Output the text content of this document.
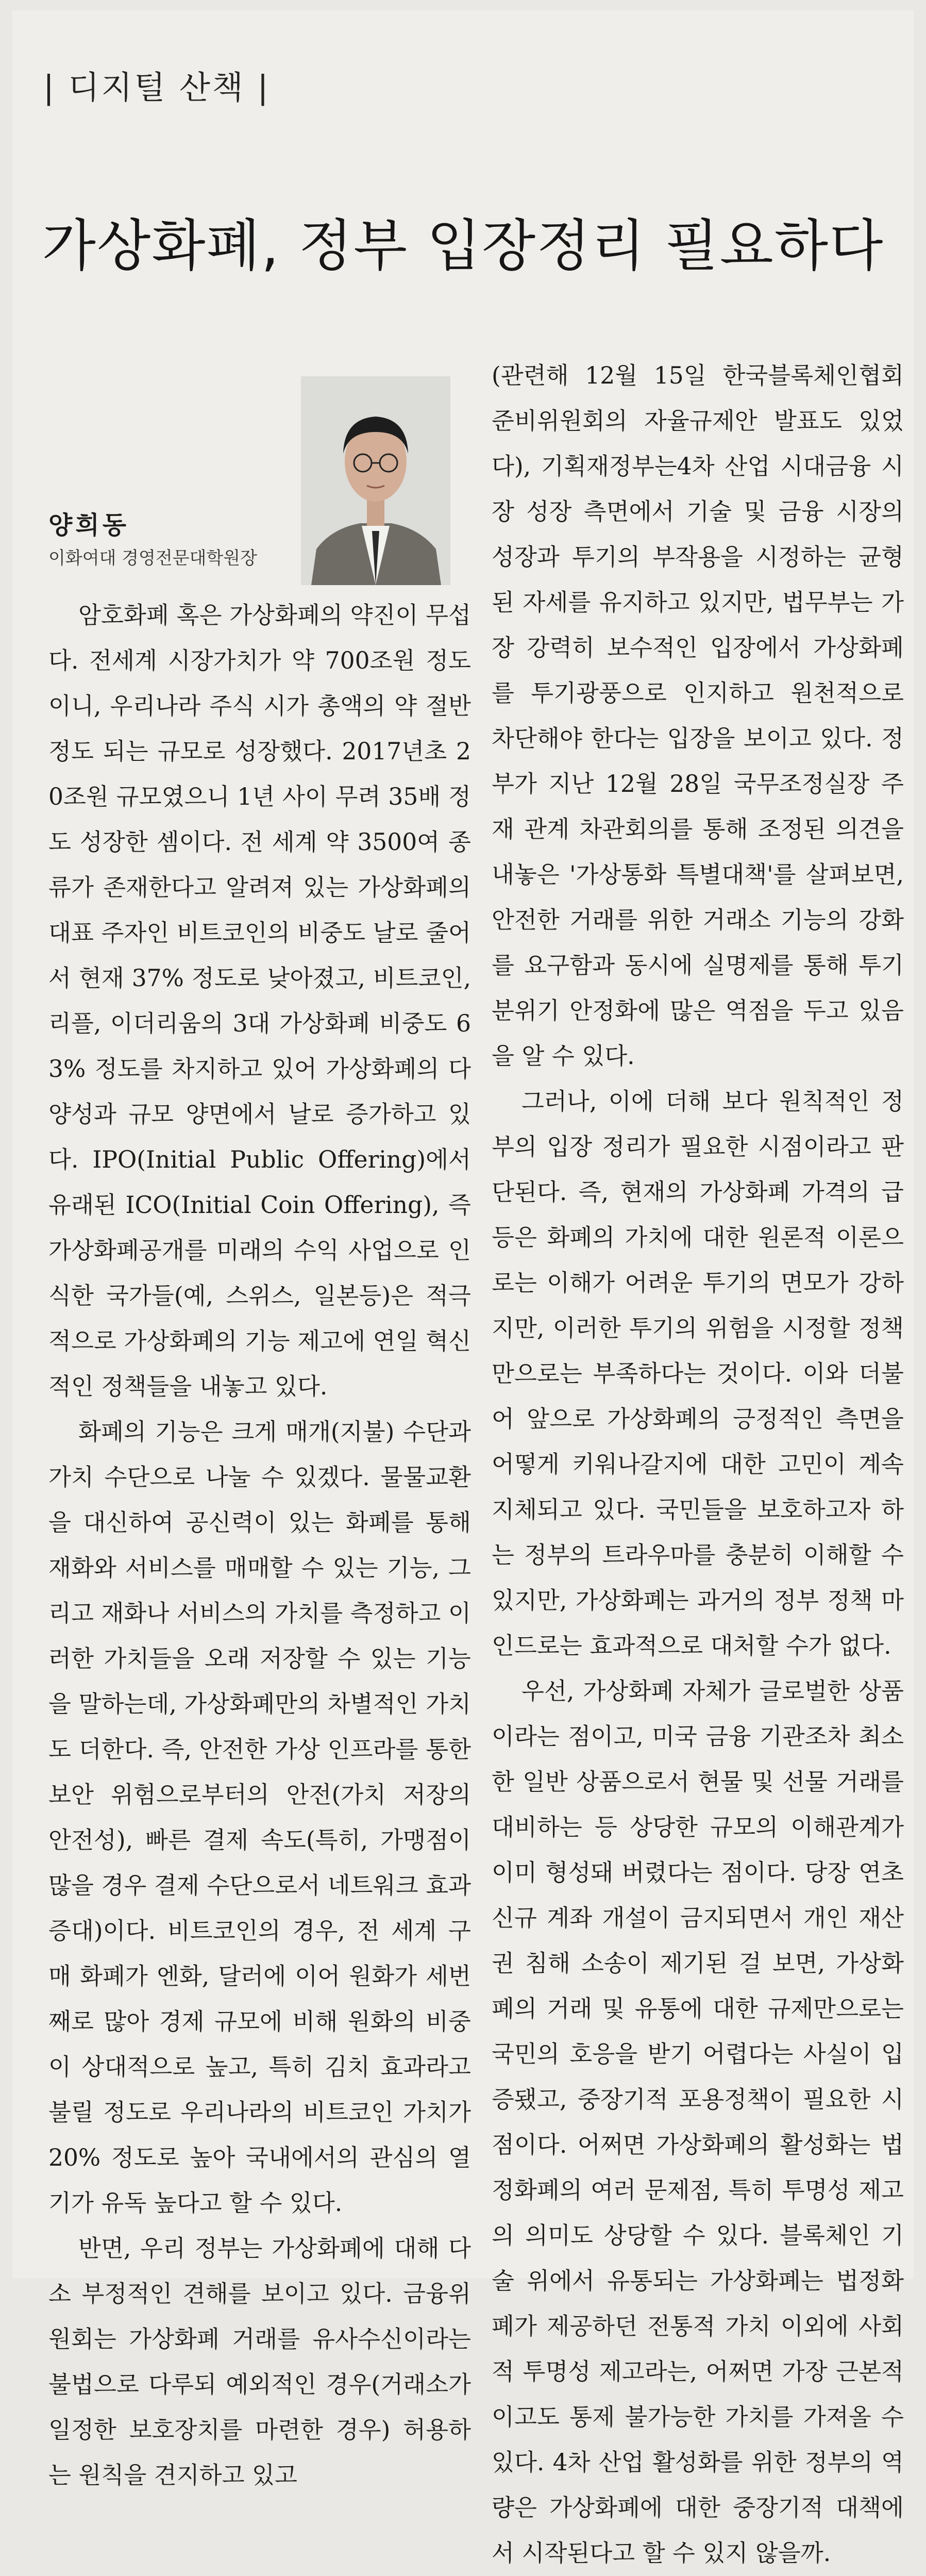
| 디지털 산책 |
가상화폐, 정부 입장정리 필요하다
양희동
이화여대 경영전문대학원장

암호화폐 혹은 가상화폐의 약진이 무섭다. 전세계 시장가치가 약 700조원 정도이니, 우리나라 주식 시가 총액의 약 절반정도 되는 규모로 성장했다. 2017년초 20조원 규모였으니 1년 사이 무려 35배 정도 성장한 셈이다. 전 세계 약 3500여 종류가 존재한다고 알려져 있는 가상화폐의 대표 주자인 비트코인의 비중도 날로 줄어서 현재 37% 정도로 낮아졌고, 비트코인, 리플, 이더리움의 3대 가상화폐 비중도 63% 정도를 차지하고 있어 가상화폐의 다양성과 규모 양면에서 날로 증가하고 있다. IPO(Initial Public Offering)에서 유래된 ICO(Initial Coin Offering), 즉 가상화폐공개를 미래의 수익 사업으로 인식한 국가들(예, 스위스, 일본등)은 적극적으로 가상화폐의 기능 제고에 연일 혁신적인 정책들을 내놓고 있다.

화폐의 기능은 크게 매개(지불) 수단과 가치 수단으로 나눌 수 있겠다. 물물교환을 대신하여 공신력이 있는 화폐를 통해 재화와 서비스를 매매할 수 있는 기능, 그리고 재화나 서비스의 가치를 측정하고 이러한 가치들을 오래 저장할 수 있는 기능을 말하는데, 가상화폐만의 차별적인 가치도 더한다. 즉, 안전한 가상 인프라를 통한 보안 위험으로부터의 안전(가치 저장의 안전성), 빠른 결제 속도(특히, 가맹점이 많을 경우 결제 수단으로서 네트워크 효과 증대)이다. 비트코인의 경우, 전 세계 구매 화폐가 엔화, 달러에 이어 원화가 세번째로 많아 경제 규모에 비해 원화의 비중이 상대적으로 높고, 특히 김치 효과라고 불릴 정도로 우리나라의 비트코인 가치가 20% 정도로 높아 국내에서의 관심의 열기가 유독 높다고 할 수 있다.

반면, 우리 정부는 가상화폐에 대해 다소 부정적인 견해를 보이고 있다. 금융위원회는 가상화폐 거래를 유사수신이라는 불법으로 다루되 예외적인 경우(거래소가 일정한 보호장치를 마련한 경우) 허용하는 원칙을 견지하고 있고

(관련해 12월 15일 한국블록체인협회 준비위원회의 자율규제안 발표도 있었다), 기획재정부는4차 산업 시대금융 시장 성장 측면에서 기술 및 금융 시장의 성장과 투기의 부작용을 시정하는 균형된 자세를 유지하고 있지만, 법무부는 가장 강력히 보수적인 입장에서 가상화폐를 투기광풍으로 인지하고 원천적으로 차단해야 한다는 입장을 보이고 있다. 정부가 지난 12월 28일 국무조정실장 주재 관계 차관회의를 통해 조정된 의견을 내놓은 '가상통화 특별대책'를 살펴보면, 안전한 거래를 위한 거래소 기능의 강화를 요구함과 동시에 실명제를 통해 투기 분위기 안정화에 많은 역점을 두고 있음을 알 수 있다.

그러나, 이에 더해 보다 원칙적인 정부의 입장 정리가 필요한 시점이라고 판단된다. 즉, 현재의 가상화폐 가격의 급등은 화폐의 가치에 대한 원론적 이론으로는 이해가 어려운 투기의 면모가 강하지만, 이러한 투기의 위험을 시정할 정책만으로는 부족하다는 것이다. 이와 더불어 앞으로 가상화폐의 긍정적인 측면을 어떻게 키워나갈지에 대한 고민이 계속 지체되고 있다. 국민들을 보호하고자 하는 정부의 트라우마를 충분히 이해할 수 있지만, 가상화폐는 과거의 정부 정책 마인드로는 효과적으로 대처할 수가 없다.

우선, 가상화폐 자체가 글로벌한 상품이라는 점이고, 미국 금융 기관조차 최소한 일반 상품으로서 현물 및 선물 거래를 대비하는 등 상당한 규모의 이해관계가 이미 형성돼 버렸다는 점이다. 당장 연초 신규 계좌 개설이 금지되면서 개인 재산권 침해 소송이 제기된 걸 보면, 가상화폐의 거래 및 유통에 대한 규제만으로는 국민의 호응을 받기 어렵다는 사실이 입증됐고, 중장기적 포용정책이 필요한 시점이다. 어쩌면 가상화폐의 활성화는 법정화폐의 여러 문제점, 특히 투명성 제고의 의미도 상당할 수 있다. 블록체인 기술 위에서 유통되는 가상화폐는 법정화폐가 제공하던 전통적 가치 이외에 사회적 투명성 제고라는, 어쩌면 가장 근본적이고도 통제 불가능한 가치를 가져올 수 있다. 4차 산업 활성화를 위한 정부의 역량은 가상화폐에 대한 중장기적 대책에서 시작된다고 할 수 있지 않을까.
